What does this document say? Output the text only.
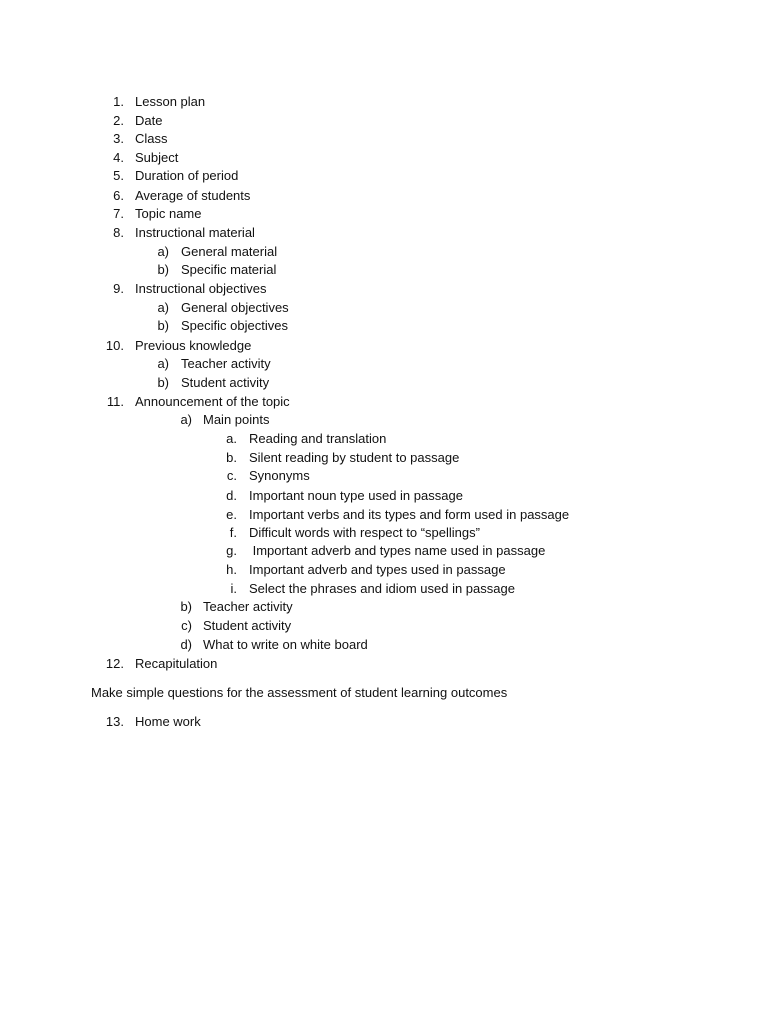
1. Lesson plan
2. Date
3. Class
4. Subject
5. Duration of period
6. Average of students
7. Topic name
8. Instructional material
a) General material
b) Specific material
9. Instructional objectives
a) General objectives
b) Specific objectives
10. Previous knowledge
a) Teacher activity
b) Student activity
11. Announcement of the topic
a) Main points
a. Reading and translation
b. Silent reading by student to passage
c. Synonyms
d. Important noun type used in passage
e. Important verbs and its types and form used in passage
f. Difficult words with respect to “spellings”
g. Important adverb and types name used in passage
h. Important adverb and types used in passage
i. Select the phrases and idiom used in passage
b) Teacher activity
c) Student activity
d) What to write on white board
12. Recapitulation
Make simple questions for the assessment of student learning outcomes
13. Home work
